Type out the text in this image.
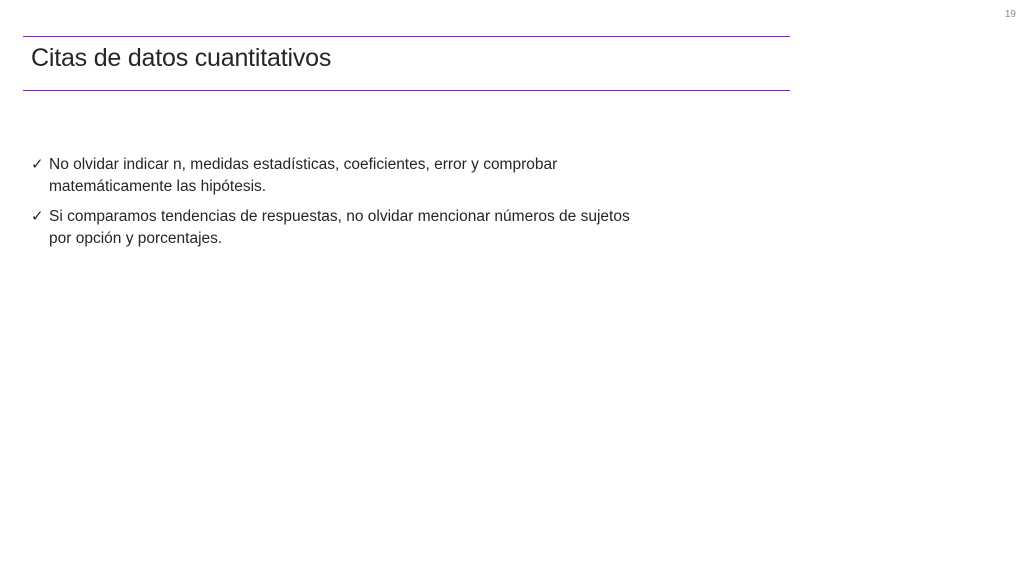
19
Citas de datos cuantitativos
✓ No olvidar indicar n, medidas estadísticas, coeficientes, error y comprobar matemáticamente las hipótesis.
✓ Si comparamos tendencias de respuestas, no olvidar mencionar números de sujetos por opción y porcentajes.
